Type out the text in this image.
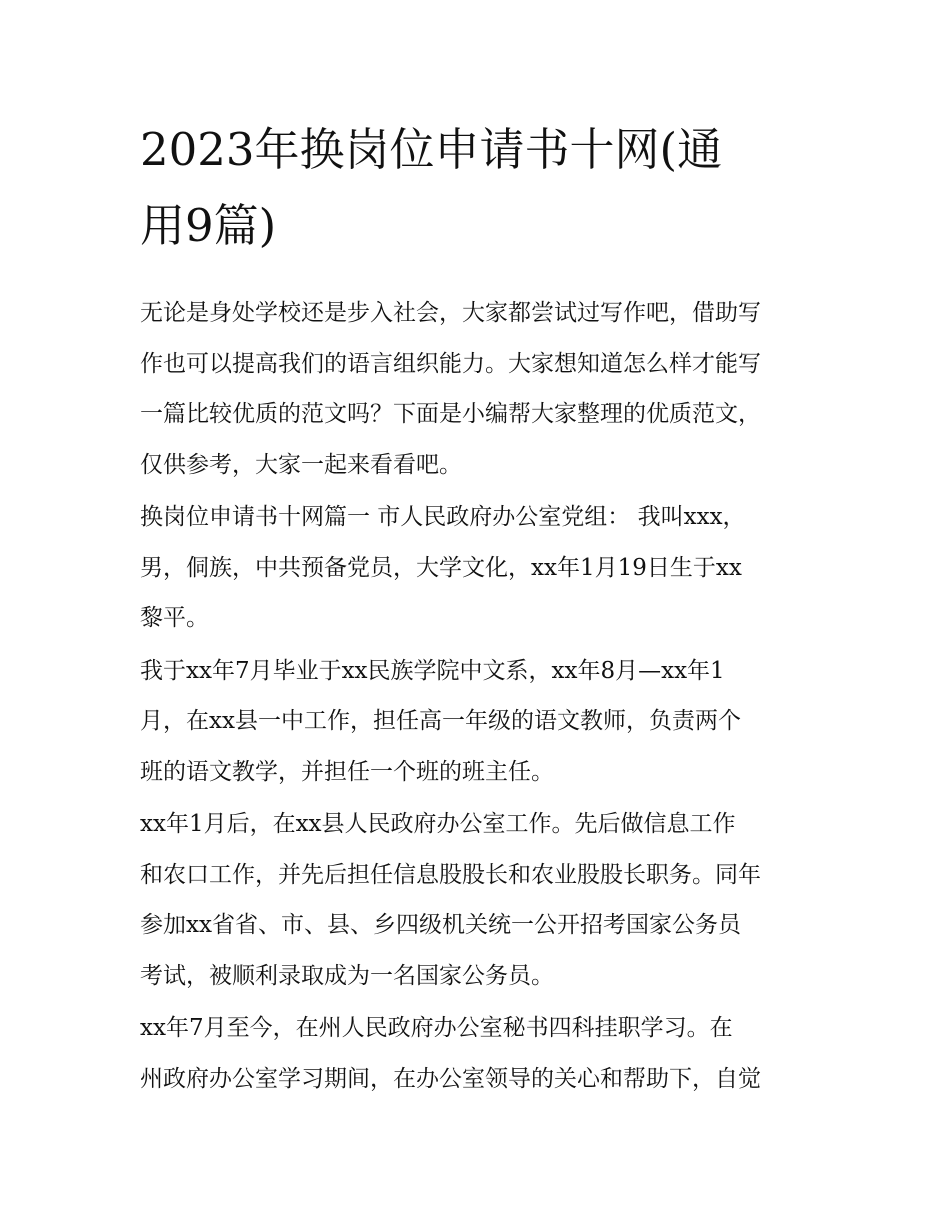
2023年换岗位申请书十网(通
用9篇)

无论是身处学校还是步入社会，大家都尝试过写作吧，借助写
作也可以提高我们的语言组织能力。大家想知道怎么样才能写
一篇比较优质的范文吗？下面是小编帮大家整理的优质范文，
仅供参考，大家一起来看看吧。

换岗位申请书十网篇一 市人民政府办公室党组： 我叫xxx，
男，侗族，中共预备党员，大学文化，xx年1月19日生于xx
黎平。

我于xx年7月毕业于xx民族学院中文系，xx年8月—xx年1
月，在xx县一中工作，担任高一年级的语文教师，负责两个
班的语文教学，并担任一个班的班主任。

xx年1月后，在xx县人民政府办公室工作。先后做信息工作
和农口工作，并先后担任信息股股长和农业股股长职务。同年
参加xx省省、市、县、乡四级机关统一公开招考国家公务员
考试，被顺利录取成为一名国家公务员。

xx年7月至今，在州人民政府办公室秘书四科挂职学习。在
州政府办公室学习期间，在办公室领导的关心和帮助下，自觉
